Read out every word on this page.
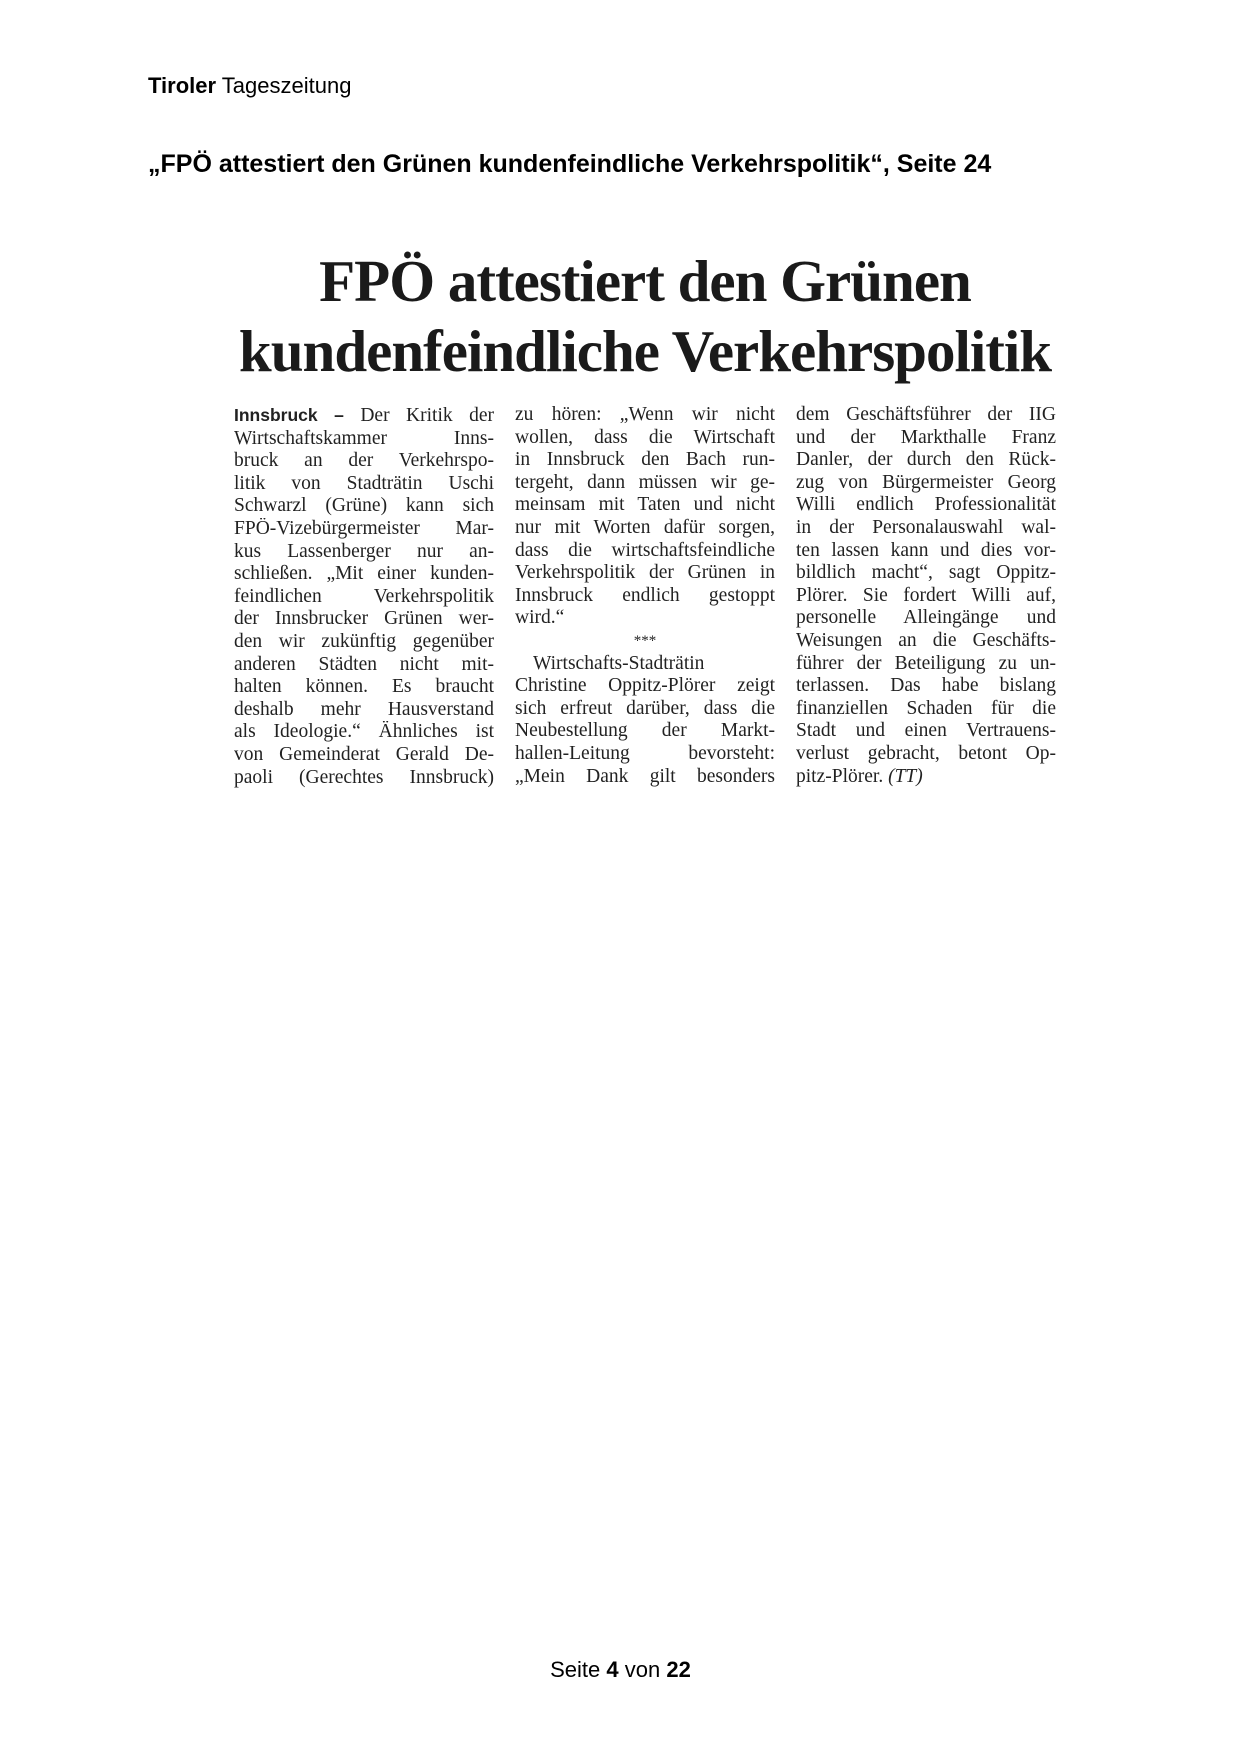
Tiroler Tageszeitung
„FPÖ attestiert den Grünen kundenfeindliche Verkehrspolitik“, Seite 24
FPÖ attestiert den Grünen
kundenfeindliche Verkehrspolitik
Innsbruck – Der Kritik der
Wirtschaftskammer Inns-
bruck an der Verkehrspo-
litik von Stadträtin Uschi
Schwarzl (Grüne) kann sich
FPÖ-Vizebürgermeister Mar-
kus Lassenberger nur an-
schließen. „Mit einer kunden-
feindlichen Verkehrspolitik
der Innsbrucker Grünen wer-
den wir zukünftig gegenüber
anderen Städten nicht mit-
halten können. Es braucht
deshalb mehr Hausverstand
als Ideologie.“ Ähnliches ist
von Gemeinderat Gerald De-
paoli (Gerechtes Innsbruck)
zu hören: „Wenn wir nicht
wollen, dass die Wirtschaft
in Innsbruck den Bach run-
tergeht, dann müssen wir ge-
meinsam mit Taten und nicht
nur mit Worten dafür sorgen,
dass die wirtschaftsfeindliche
Verkehrspolitik der Grünen in
Innsbruck endlich gestoppt
wird.“
***
Wirtschafts-Stadträtin
Christine Oppitz-Plörer zeigt
sich erfreut darüber, dass die
Neubestellung der Markt-
hallen-Leitung bevorsteht:
„Mein Dank gilt besonders
dem Geschäftsführer der IIG
und der Markthalle Franz
Danler, der durch den Rück-
zug von Bürgermeister Georg
Willi endlich Professionalität
in der Personalauswahl wal-
ten lassen kann und dies vor-
bildlich macht“, sagt Oppitz-
Plörer. Sie fordert Willi auf,
personelle Alleingänge und
Weisungen an die Geschäfts-
führer der Beteiligung zu un-
terlassen. Das habe bislang
finanziellen Schaden für die
Stadt und einen Vertrauens-
verlust gebracht, betont Op-
pitz-Plörer. (TT)
Seite 4 von 22
